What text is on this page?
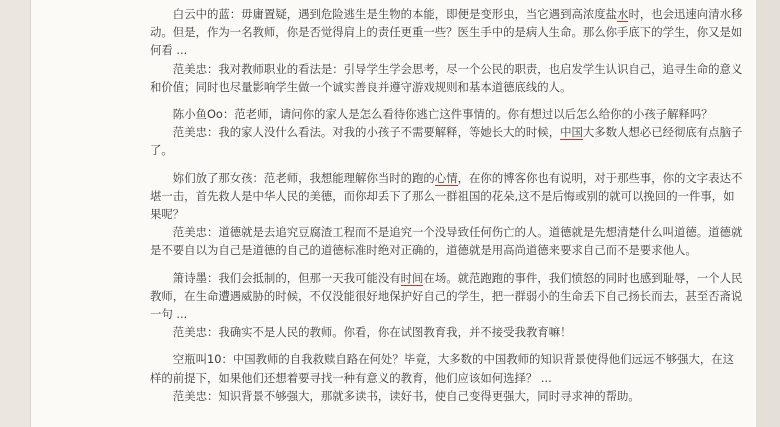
白云中的蓝：毋庸置疑，遇到危险逃生是生物的本能，即便是变形虫，当它遇到高浓度盐水时，也会迅速向清水移动。但是，作为一名教师，你是否觉得肩上的责任更重一些？医生手中的是病人生命。那么你手底下的学生，你又是如何看 ...

范美忠：我对教师职业的看法是：引导学生学会思考，尽一个公民的职责，也启发学生认识自己，追寻生命的意义和价值；同时也尽量影响学生做一个诚实善良并遵守游戏规则和基本道德底线的人。

陈小鱼Oo：范老师，请问你的家人是怎么看待你逃亡这件事情的。你有想过以后怎么给你的小孩子解释吗？

范美忠：我的家人没什么看法。对我的小孩子不需要解释，等她长大的时候，中国大多数人想必已经彻底有点脑子了。

妳们放了那女孩：范老师，我想能理解你当时的跑的心情，在你的博客你也有说明，对于那些事，你的文字表达不堪一击，首先救人是中华人民的美德，而你却丢下了那么一群祖国的花朵,这不是后悔或别的就可以挽回的一件事，如果呢？

范美忠：道德就是去追究豆腐渣工程而不是追究一个没导致任何伤亡的人。道德就是先想清楚什么叫道德。道德就是不要自以为自己是道德的自己的道德标准时绝对正确的，道德就是用高尚道德来要求自己而不是要求他人。

箫诗墨：我们会抵制的，但那一天我可能没有时间在场。就范跑跑的事件，我们愤怒的同时也感到耻辱，一个人民教师，在生命遭遇威胁的时候，不仅没能很好地保护好自己的学生，把一群弱小的生命丢下自己扬长而去，甚至否斋说一句 ...

范美忠：我确实不是人民的教师。你看，你在试图教育我，并不接受我教育嘛！

空瓶叫10：中国教师的自我救赎自路在何处？毕竟，大多数的中国教师的知识背景使得他们远远不够强大，在这样的前提下，如果他们还想着要寻找一种有意义的教育，他们应该如何选择？ ...

范美忠：知识背景不够强大，那就多读书，读好书，使自己变得更强大，同时寻求神的帮助。
